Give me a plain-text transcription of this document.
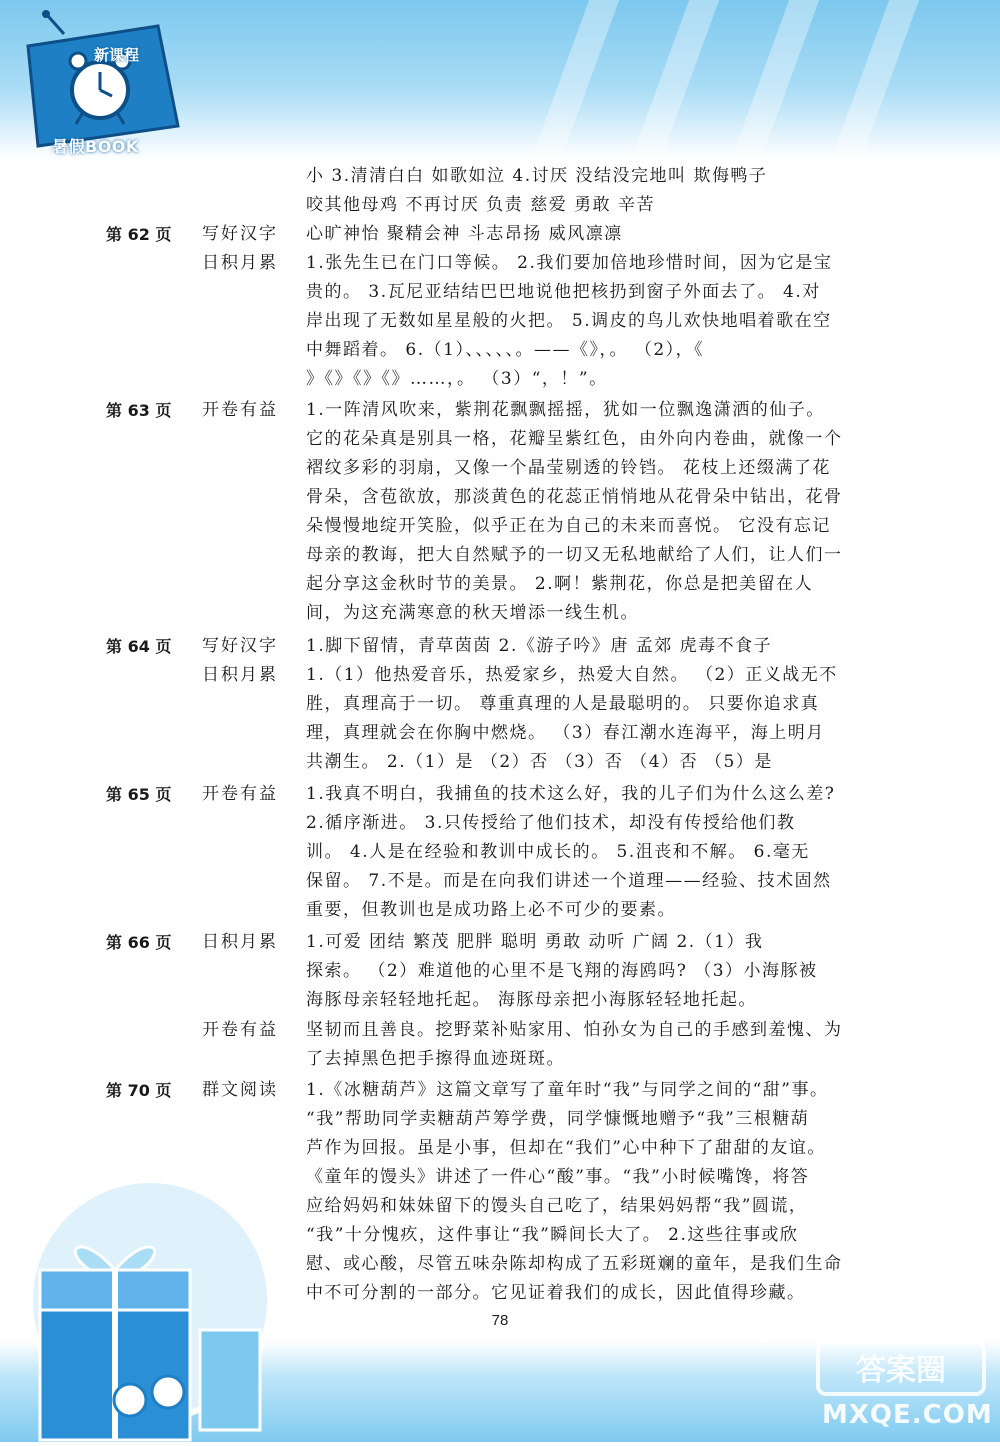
新课程
暑假BOOK
小 3.清清白白 如歌如泣 4.讨厌 没结没完地叫 欺侮鸭子
咬其他母鸡 不再讨厌 负责 慈爱 勇敢 辛苦
第 62 页	写好汉字	心旷神怡 聚精会神 斗志昂扬 威风凛凛
日积月累	1.张先生已在门口等候。 2.我们要加倍地珍惜时间，因为它是宝
贵的。 3.瓦尼亚结结巴巴地说他把核扔到窗子外面去了。 4.对
岸出现了无数如星星般的火把。 5.调皮的鸟儿欢快地唱着歌在空
中舞蹈着。 6.（1）、、、、、。——《》，。 （2），《
》《》《》《》……，。 （3）“，！”。
第 63 页	开卷有益	1.一阵清风吹来，紫荆花飘飘摇摇，犹如一位飘逸潇洒的仙子。
它的花朵真是别具一格，花瓣呈紫红色，由外向内卷曲，就像一个
褶纹多彩的羽扇，又像一个晶莹剔透的铃铛。 花枝上还缀满了花
骨朵，含苞欲放，那淡黄色的花蕊正悄悄地从花骨朵中钻出，花骨
朵慢慢地绽开笑脸，似乎正在为自己的未来而喜悦。 它没有忘记
母亲的教诲，把大自然赋予的一切又无私地献给了人们，让人们一
起分享这金秋时节的美景。 2.啊！紫荆花，你总是把美留在人
间，为这充满寒意的秋天增添一线生机。
第 64 页	写好汉字	1.脚下留情，青草茵茵 2.《游子吟》唐 孟郊 虎毒不食子
日积月累	1.（1）他热爱音乐，热爱家乡，热爱大自然。 （2）正义战无不
胜，真理高于一切。 尊重真理的人是最聪明的。 只要你追求真
理，真理就会在你胸中燃烧。 （3）春江潮水连海平，海上明月
共潮生。 2.（1）是 （2）否 （3）否 （4）否 （5）是
第 65 页	开卷有益	1.我真不明白，我捕鱼的技术这么好，我的儿子们为什么这么差?
2.循序渐进。 3.只传授给了他们技术，却没有传授给他们教
训。 4.人是在经验和教训中成长的。 5.沮丧和不解。 6.毫无
保留。 7.不是。而是在向我们讲述一个道理——经验、技术固然
重要，但教训也是成功路上必不可少的要素。
第 66 页	日积月累	1.可爱 团结 繁茂 肥胖 聪明 勇敢 动听 广阔 2.（1）我
探索。 （2）难道他的心里不是飞翔的海鸥吗? （3）小海豚被
海豚母亲轻轻地托起。 海豚母亲把小海豚轻轻地托起。
开卷有益	坚韧而且善良。挖野菜补贴家用、怕孙女为自己的手感到羞愧、为
了去掉黑色把手擦得血迹斑斑。
第 70 页	群文阅读	1.《冰糖葫芦》这篇文章写了童年时“我”与同学之间的“甜”事。
“我”帮助同学卖糖葫芦筹学费，同学慷慨地赠予“我”三根糖葫
芦作为回报。虽是小事，但却在“我们”心中种下了甜甜的友谊。
《童年的馒头》讲述了一件心“酸”事。“我”小时候嘴馋，将答
应给妈妈和妹妹留下的馒头自己吃了，结果妈妈帮“我”圆谎，
“我”十分愧疚，这件事让“我”瞬间长大了。 2.这些往事或欣
慰、或心酸，尽管五味杂陈却构成了五彩斑斓的童年，是我们生命
中不可分割的一部分。它见证着我们的成长，因此值得珍藏。
78
答案圈
MXQE.COM
